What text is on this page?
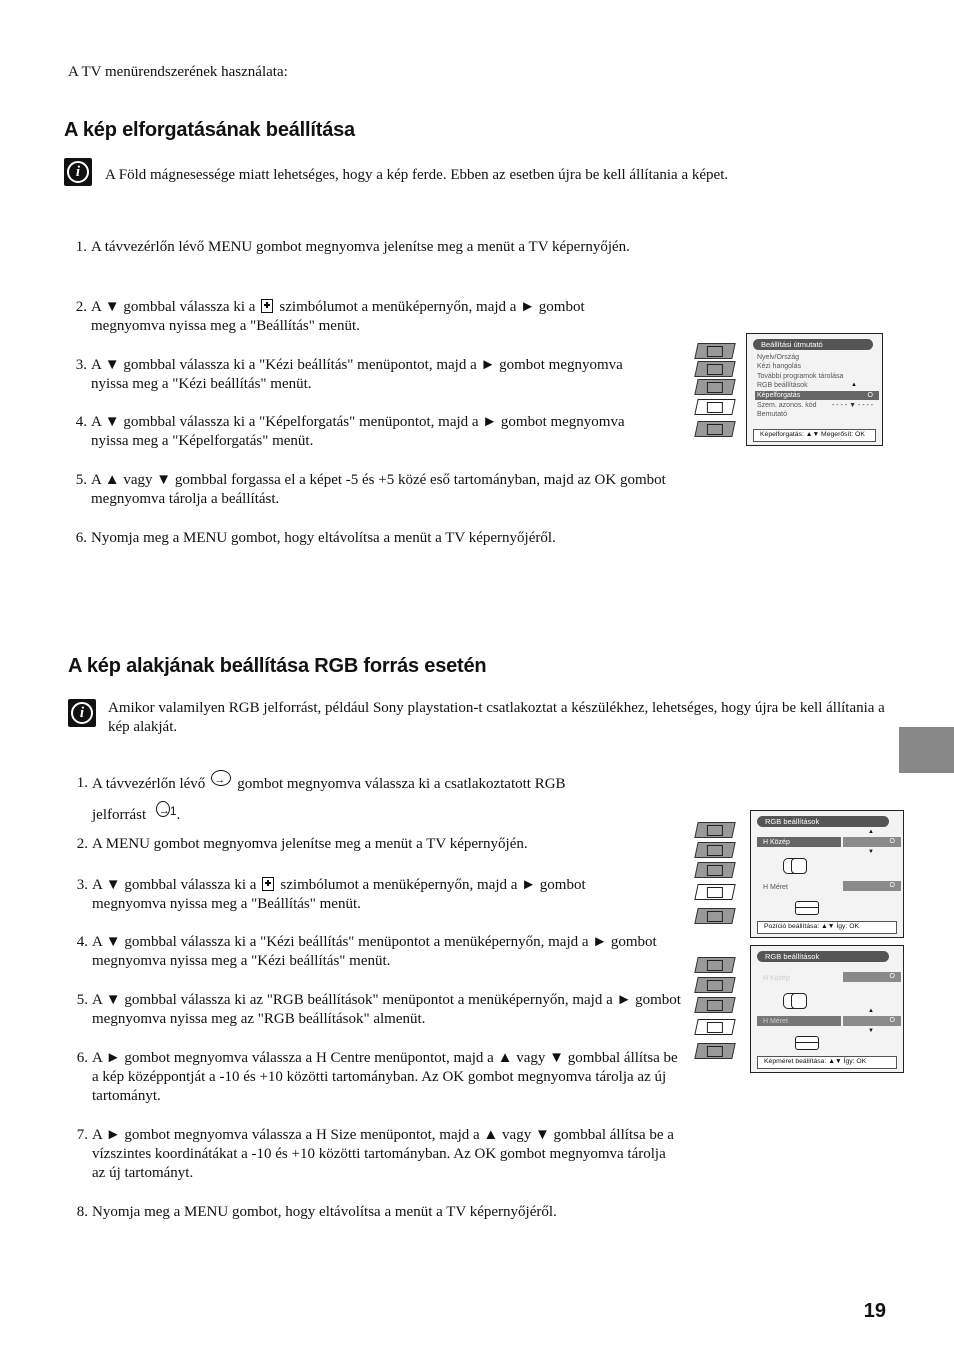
A TV menürendszerének használata:
A kép elforgatásának beállítása
i	A Föld mágnesessége miatt lehetséges, hogy a kép ferde. Ebben az esetben újra be kell állítania a képet.
1. A távvezérlőn lévő MENU gombot megnyomva jelenítse meg a menüt a TV képernyőjén.
2. A ▼ gombbal válassza ki a szimbólumot a menüképernyőn, majd a ► gombot megnyomva nyissa meg a "Beállítás" menüt.
3. A ▼ gombbal válassza ki a "Kézi beállítás" menüpontot, majd a ► gombot megnyomva nyissa meg a "Kézi beállítás" menüt.
4. A ▼ gombbal válassza ki a "Képelforgatás" menüpontot, majd a ► gombot megnyomva nyissa meg a "Képelforgatás" menüt.
5. A ▲ vagy ▼ gombbal forgassa el a képet -5 és +5 közé eső tartományban, majd az OK gombot megnyomva tárolja a beállítást.
6. Nyomja meg a MENU gombot, hogy eltávolítsa a menüt a TV képernyőjéről.
Beállítási útmutató
Nyelv/Ország
Kézi hangolás
További programok tárolása
RGB beállítások	▲
Képelforgatás	O
Szem. azonos. kód - - - - ▼ - - - -
Bemutató
Képelforgatás: ▲▼ Megerősít: OK
A kép alakjának beállítása RGB forrás esetén
i	Amikor valamilyen RGB jelforrást, például Sony playstation-t csatlakoztat a készülékhez, lehetséges, hogy újra be kell állítania a kép alakját.
1. A távvezérlőn lévő → gombot megnyomva válassza ki a csatlakoztatott RGB
jelforrást → $^1$.
2. A MENU gombot megnyomva jelenítse meg a menüt a TV képernyőjén.
3. A ▼ gombbal válassza ki a szimbólumot a menüképernyőn, majd a ► gombot megnyomva nyissa meg a "Beállítás" menüt.
4. A ▼ gombbal válassza ki a "Kézi beállítás" menüpontot a menüképernyőn, majd a ► gombot megnyomva nyissa meg a "Kézi beállítás" menüt.
5. A ▼ gombbal válassza ki az "RGB beállítások" menüpontot a menüképernyőn, majd a ► gombot megnyomva nyissa meg az "RGB beállítások" almenüt.
6. A ► gombot megnyomva válassza a H Centre menüpontot, majd a ▲ vagy ▼ gombbal állítsa be a kép középpontját a -10 és +10 közötti tartományban. Az OK gombot megnyomva tárolja az új tartományt.
7. A ► gombot megnyomva válassza a H Size menüpontot, majd a ▲ vagy ▼ gombbal állítsa be a vízszintes koordinátákat a -10 és +10 közötti tartományban. Az OK gombot megnyomva tárolja az új tartományt.
8. Nyomja meg a MENU gombot, hogy eltávolítsa a menüt a TV képernyőjéről.
RGB beállítások
▲
H Közép	O
▼
H Méret	O
Pozíció beállítása: ▲▼ Így: OK
RGB beállítások
H Közép	O
▲
H Méret	O
▼
Képméret beállítása: ▲▼ Így: OK
19
